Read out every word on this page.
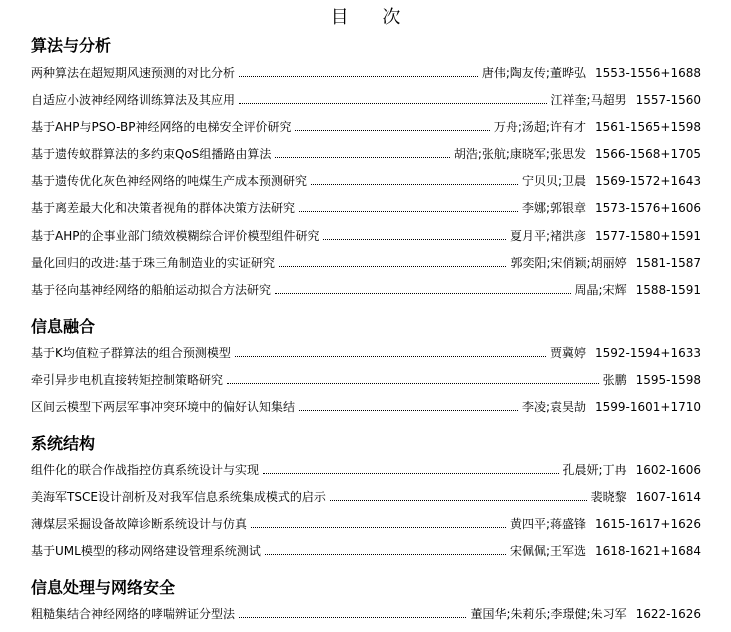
目 次
算法与分析
两种算法在超短期风速预测的对比分析	唐伟;陶友传;董晔弘 1553-1556+1688
自适应小波神经网络训练算法及其应用	江祥奎;马超男 1557-1560
基于AHP与PSO-BP神经网络的电梯安全评价研究	万舟;汤超;许有才 1561-1565+1598
基于遗传蚁群算法的多约束QoS组播路由算法	胡浩;张航;康晓军;张思发 1566-1568+1705
基于遗传优化灰色神经网络的吨煤生产成本预测研究	宁贝贝;卫晨 1569-1572+1643
基于离差最大化和决策者视角的群体决策方法研究	李娜;郭银章 1573-1576+1606
基于AHP的企事业部门绩效模糊综合评价模型组件研究	夏月平;褚洪彦 1577-1580+1591
量化回归的改进:基于珠三角制造业的实证研究	郭奕阳;宋俏颖;胡丽婷 1581-1587
基于径向基神经网络的船舶运动拟合方法研究	周晶;宋辉 1588-1591
信息融合
基于K均值粒子群算法的组合预测模型	贾冀婷 1592-1594+1633
牵引异步电机直接转矩控制策略研究	张鹏 1595-1598
区间云模型下两层军事冲突环境中的偏好认知集结	李凌;袁昊劼 1599-1601+1710
系统结构
组件化的联合作战指控仿真系统设计与实现	孔晨妍;丁冉 1602-1606
美海军TSCE设计剖析及对我军信息系统集成模式的启示	裴晓黎 1607-1614
薄煤层采掘设备故障诊断系统设计与仿真	黄四平;蒋盛锋 1615-1617+1626
基于UML模型的移动网络建设管理系统测试	宋佩佩;王军选 1618-1621+1684
信息处理与网络安全
粗糙集结合神经网络的哮喘辨证分型法	董国华;朱莉乐;李璟健;朱习军 1622-1626
